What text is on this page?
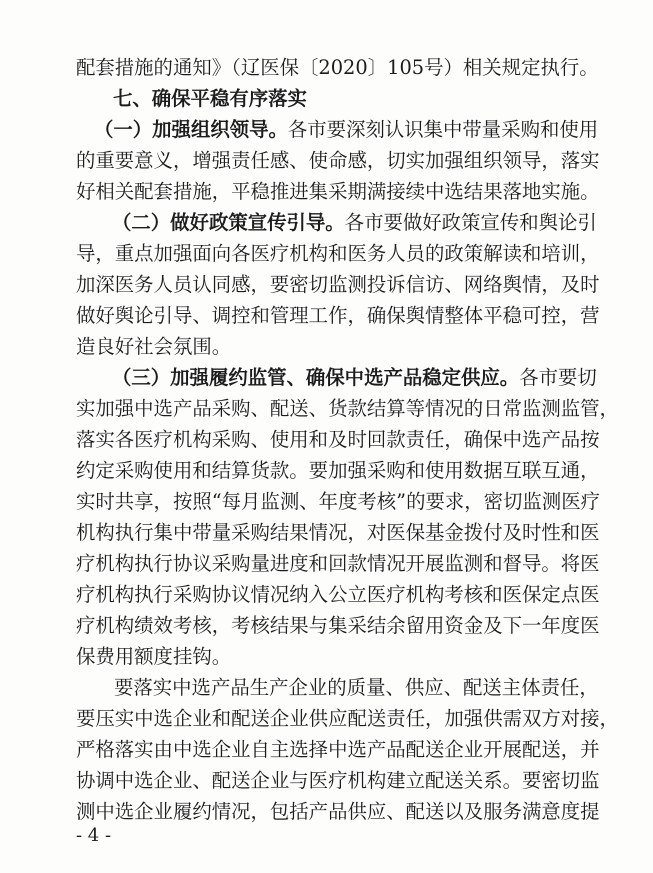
配套措施的通知》（辽医保〔2020〕105号）相关规定执行。
七、确保平稳有序落实
（一）加强组织领导。各市要深刻认识集中带量采购和使用
的重要意义，增强责任感、使命感，切实加强组织领导，落实
好相关配套措施，平稳推进集采期满接续中选结果落地实施。
（二）做好政策宣传引导。各市要做好政策宣传和舆论引
导，重点加强面向各医疗机构和医务人员的政策解读和培训，
加深医务人员认同感，要密切监测投诉信访、网络舆情，及时
做好舆论引导、调控和管理工作，确保舆情整体平稳可控，营
造良好社会氛围。
（三）加强履约监管、确保中选产品稳定供应。各市要切
实加强中选产品采购、配送、货款结算等情况的日常监测监管，
落实各医疗机构采购、使用和及时回款责任，确保中选产品按
约定采购使用和结算货款。要加强采购和使用数据互联互通，
实时共享，按照“每月监测、年度考核”的要求，密切监测医疗
机构执行集中带量采购结果情况，对医保基金拨付及时性和医
疗机构执行协议采购量进度和回款情况开展监测和督导。将医
疗机构执行采购协议情况纳入公立医疗机构考核和医保定点医
疗机构绩效考核，考核结果与集采结余留用资金及下一年度医
保费用额度挂钩。
要落实中选产品生产企业的质量、供应、配送主体责任，
要压实中选企业和配送企业供应配送责任，加强供需双方对接，
严格落实由中选企业自主选择中选产品配送企业开展配送，并
协调中选企业、配送企业与医疗机构建立配送关系。要密切监
测中选企业履约情况，包括产品供应、配送以及服务满意度提
- 4 -
